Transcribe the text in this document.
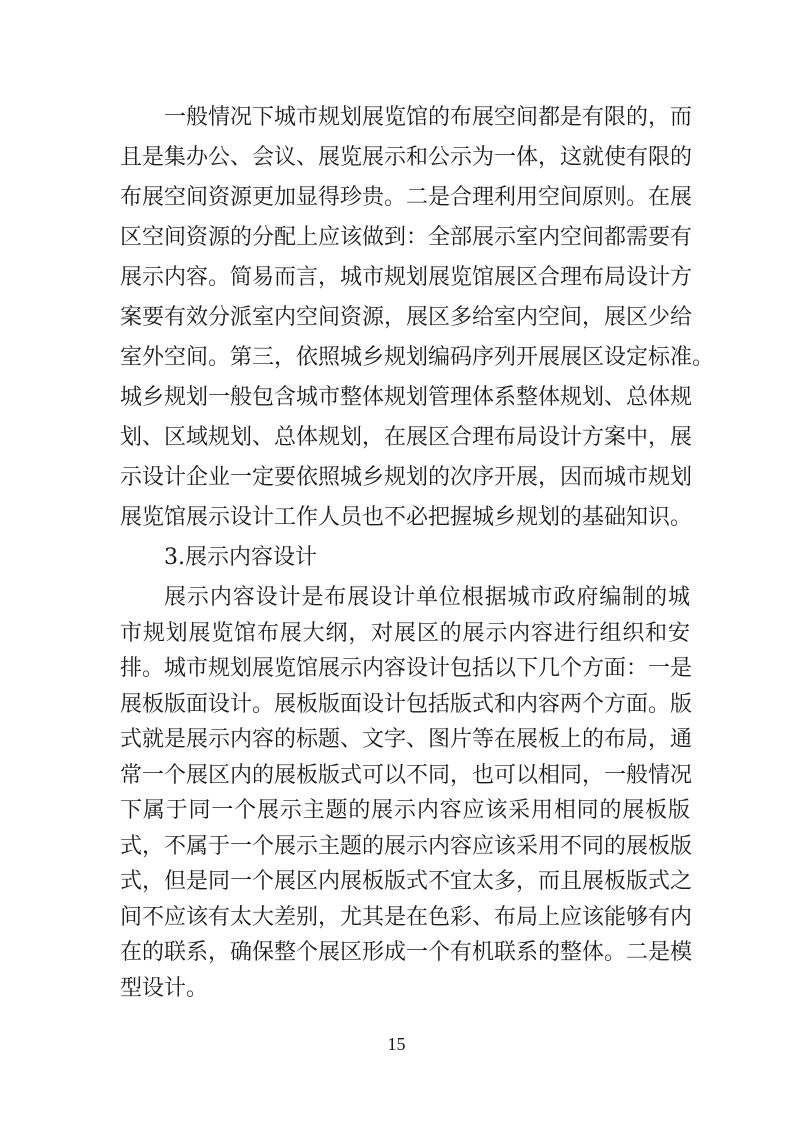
一般情况下城市规划展览馆的布展空间都是有限的，而
且是集办公、会议、展览展示和公示为一体，这就使有限的
布展空间资源更加显得珍贵。二是合理利用空间原则。在展
区空间资源的分配上应该做到：全部展示室内空间都需要有
展示内容。简易而言，城市规划展览馆展区合理布局设计方
案要有效分派室内空间资源，展区多给室内空间，展区少给
室外空间。第三，依照城乡规划编码序列开展展区设定标准。
城乡规划一般包含城市整体规划管理体系整体规划、总体规
划、区域规划、总体规划，在展区合理布局设计方案中，展
示设计企业一定要依照城乡规划的次序开展，因而城市规划
展览馆展示设计工作人员也不必把握城乡规划的基础知识。
3.展示内容设计
展示内容设计是布展设计单位根据城市政府编制的城
市规划展览馆布展大纲，对展区的展示内容进行组织和安
排。城市规划展览馆展示内容设计包括以下几个方面：一是
展板版面设计。展板版面设计包括版式和内容两个方面。版
式就是展示内容的标题、文字、图片等在展板上的布局，通
常一个展区内的展板版式可以不同，也可以相同，一般情况
下属于同一个展示主题的展示内容应该采用相同的展板版
式，不属于一个展示主题的展示内容应该采用不同的展板版
式，但是同一个展区内展板版式不宜太多，而且展板版式之
间不应该有太大差别，尤其是在色彩、布局上应该能够有内
在的联系，确保整个展区形成一个有机联系的整体。二是模
15
型设计。
